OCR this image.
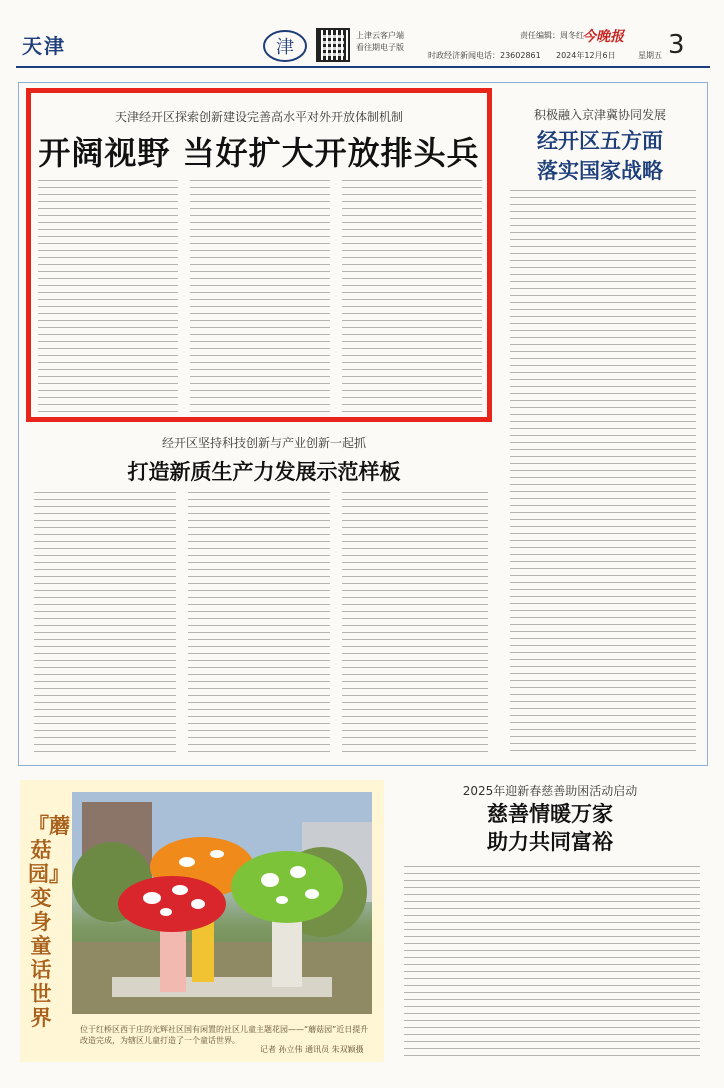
天津	津
上津云客户端
看往期电子版
责任编辑：周冬红
今晚报
时政经济新闻电话：23602861 2024年12月6日	星期五 3
天津经开区探索创新建设完善高水平对外开放体制机制
开阔视野 当好扩大开放排头兵
积极融入京津冀协同发展
经开区五方面
落实国家战略
经开区坚持科技创新与产业创新一起抓
打造新质生产力发展示范样板
『蘑菇园』变身童话世界	位于红桥区西于庄的光辉社区国有闲置的社区儿童主题花园——“蘑菇园”近日提升改造完成，为辖区儿童打造了一个童话世界。
记者 孙立伟 通讯员 朱双颖摄
2025年迎新春慈善助困活动启动
慈善情暖万家
助力共同富裕
